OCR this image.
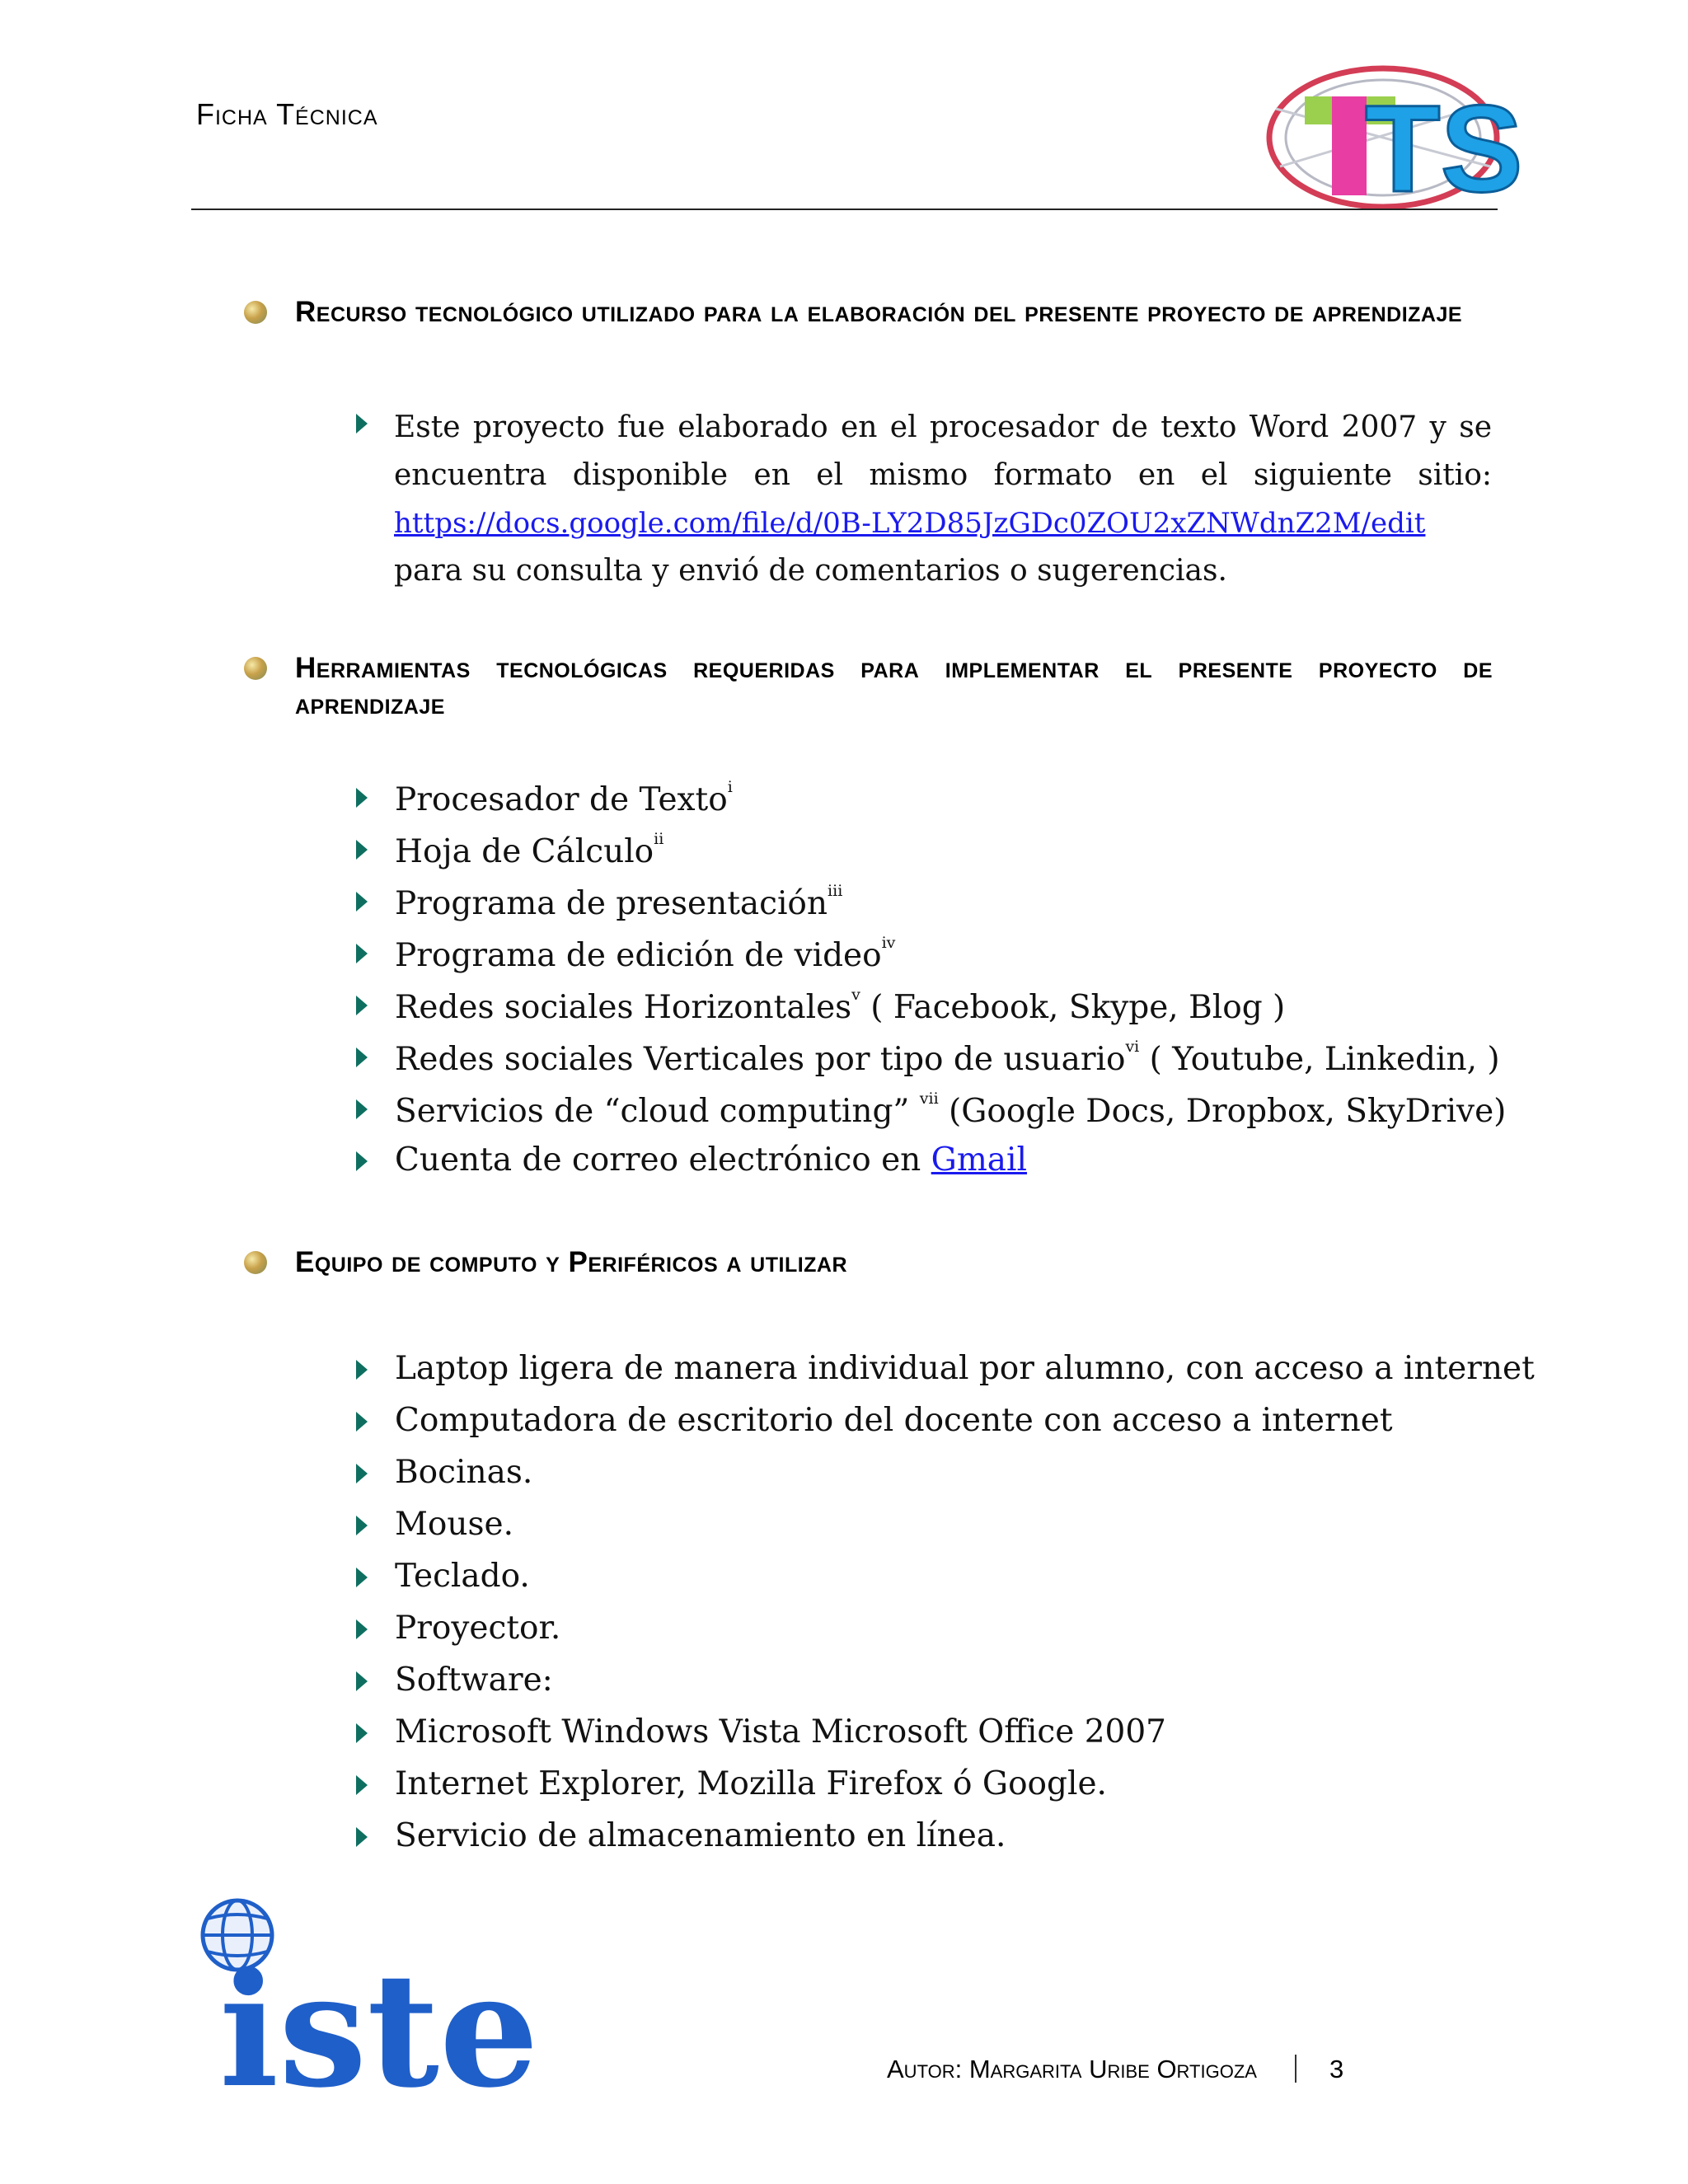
Ficha Técnica	TS
Recurso tecnológico utilizado para la elaboración del presente proyecto de aprendizaje
Este proyecto fue elaborado en el procesador de texto Word 2007 y se encuentra disponible en el mismo formato en el siguiente sitio: https://docs.google.com/file/d/0B-LY2D85JzGDc0ZOU2xZNWdnZ2M/edit
para su consulta y envió de comentarios o sugerencias.
Herramientas tecnológicas requeridas para implementar el presente proyecto de aprendizaje
Procesador de Texto$^i$
Hoja de Cálculo$^{ii}$
Programa de presentación$^{iii}$
Programa de edición de video$^{iv}$
Redes sociales Horizontales$^v$ ( Facebook, Skype, Blog )
Redes sociales Verticales por tipo de usuario$^{vi}$ ( Youtube, Linkedin, )
Servicios de “cloud computing” $^{vii}$ (Google Docs, Dropbox, SkyDrive)
Cuenta de correo electrónico en Gmail
Equipo de computo y Periféricos a utilizar
Laptop ligera de manera individual por alumno, con acceso a internet
Computadora de escritorio del docente con acceso a internet
Bocinas.
Mouse.
Teclado.
Proyector.
Software:
Microsoft Windows Vista Microsoft Office 2007
Internet Explorer, Mozilla Firefox ó Google.
Servicio de almacenamiento en línea.
iste	Autor: Margarita Uribe Ortigoza	3
